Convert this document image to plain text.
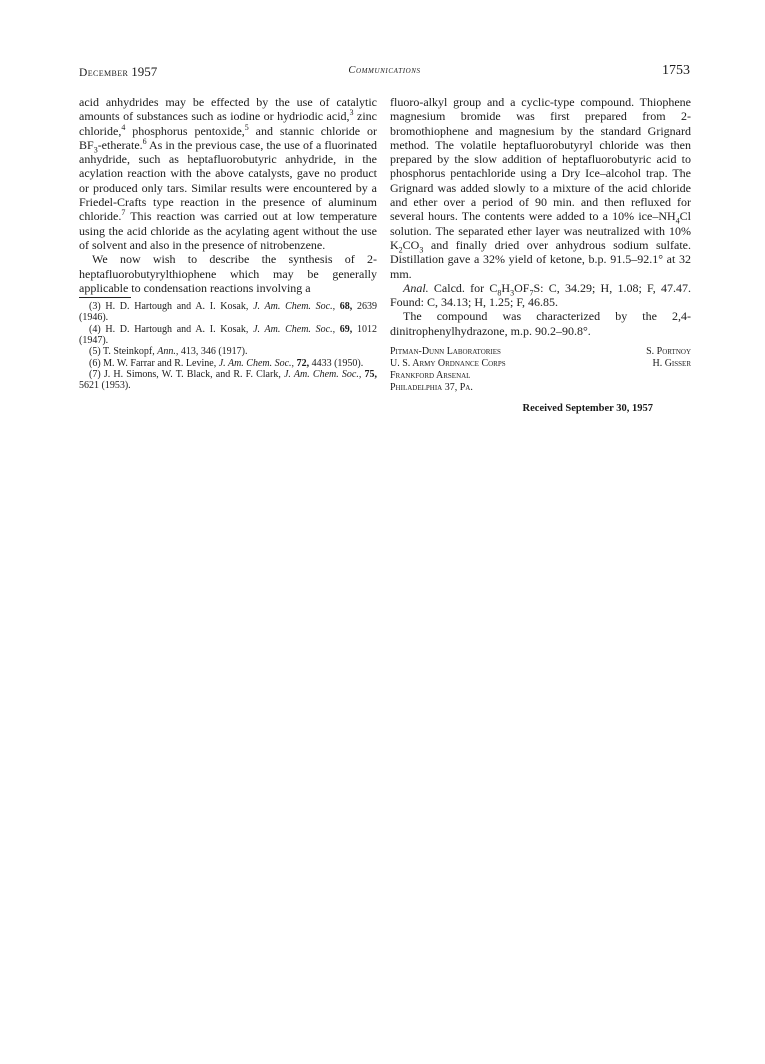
December 1957	Communications	1753

acid anhydrides may be effected by the use of catalytic amounts of substances such as iodine or hydriodic acid,$^3$ zinc chloride,$^4$ phosphorus pentoxide,$^5$ and stannic chloride or $BF_3-etherate.^6$ As in the previous case, the use of a fluorinated anhydride, such as heptafluorobutyric anhydride, in the acylation reaction with the above catalysts, gave no product or produced only tars. Similar results were encountered by a Friedel-Crafts type reaction in the presence of aluminum chloride.$^7$ This reaction was carried out at low temperature using the acid chloride as the acylating agent without the use of solvent and also in the presence of nitrobenzene.

We now wish to describe the synthesis of 2-heptafluorobutyrylthiophene which may be generally applicable to condensation reactions involving a

(3) H. D. Hartough and A. I. Kosak, J. Am. Chem. Soc., 68, 2639 (1946).

(4) H. D. Hartough and A. I. Kosak, J. Am. Chem. Soc., 69, 1012 (1947).

(5) T. Steinkopf, Ann., 413, 346 (1917).

(6) M. W. Farrar and R. Levine, J. Am. Chem. Soc., 72, 4433 (1950).

(7) J. H. Simons, W. T. Black, and R. F. Clark, J. Am. Chem. Soc., 75, 5621 (1953).

fluoro-alkyl group and a cyclic-type compound. Thiophene magnesium bromide was first prepared from 2-bromothiophene and magnesium by the standard Grignard method. The volatile heptafluorobutyryl chloride was then prepared by the slow addition of heptafluorobutyric acid to phosphorus pentachloride using a Dry Ice–alcohol trap. The Grignard was added slowly to a mixture of the acid chloride and ether over a period of 90 min. and then refluxed for several hours. The contents were added to a 10% ice–$NH_4Cl$ solution. The separated ether layer was neutralized with 10% $K_2CO_3$ and finally dried over anhydrous sodium sulfate. Distillation gave a 32% yield of ketone, b.p. 91.5–92.1° at 32 mm.

Anal. Calcd. for $C_8H_3OF_7S$: C, 34.29; H, 1.08; F, 47.47. Found: C, 34.13; H, 1.25; F, 46.85.

The compound was characterized by the 2,4-dinitrophenylhydrazone, m.p. 90.2–90.8°.

Pitman-Dunn Laboratories
U. S. Army Ordnance Corps
Frankford Arsenal
Philadelphia 37, Pa.
S. Portnoy
H. Gisser
Received September 30, 1957
